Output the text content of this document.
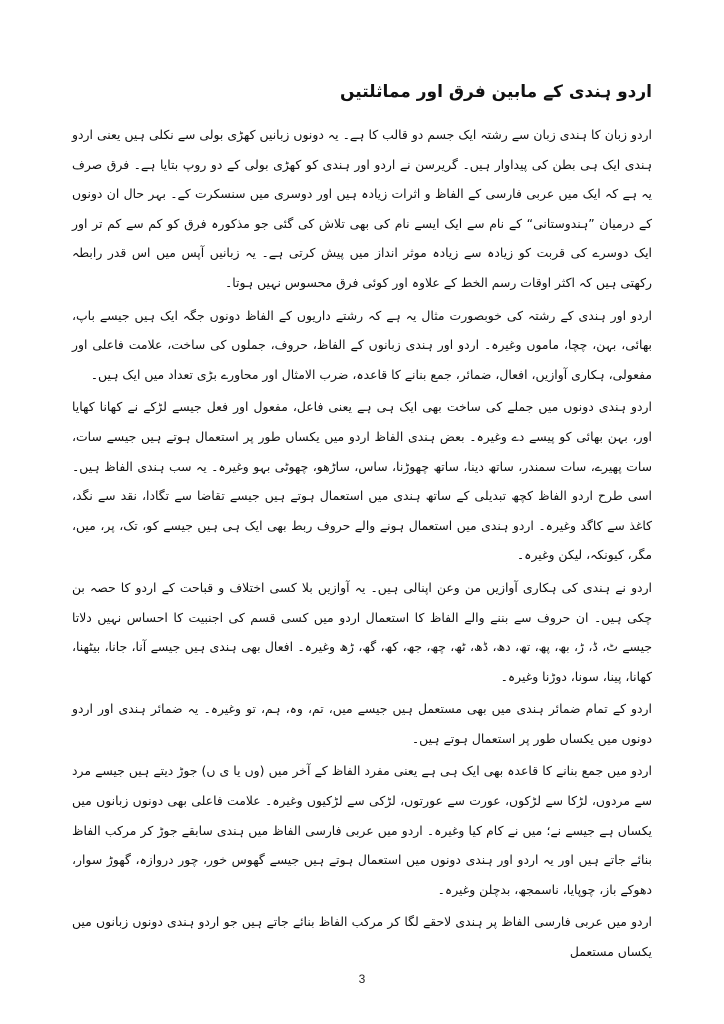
اردو ہندی کے مابین فرق اور مماثلتیں

اردو زبان کا ہندی زبان سے رشتہ ایک جسم دو قالب کا ہے۔ یہ دونوں زبانیں کھڑی بولی سے نکلی ہیں یعنی اردو ہندی ایک ہی بطن کی پیداوار ہیں۔ گریرسن نے اردو اور ہندی کو کھڑی بولی کے دو روپ بتایا ہے۔ فرق صرف یہ ہے کہ ایک میں عربی فارسی کے الفاظ و اثرات زیادہ ہیں اور دوسری میں سنسکرت کے۔ بہر حال ان دونوں کے درمیان ”ہندوستانی“ کے نام سے ایک ایسے نام کی بھی تلاش کی گئی جو مذکورہ فرق کو کم سے کم تر اور ایک دوسرے کی قربت کو زیادہ سے زیادہ موثر انداز میں پیش کرتی ہے۔ یہ زبانیں آپس میں اس قدر رابطہ رکھتی ہیں کہ اکثر اوقات رسم الخط کے علاوہ اور کوئی فرق محسوس نہیں ہوتا۔

اردو اور ہندی کے رشتہ کی خوبصورت مثال یہ ہے کہ رشتے داریوں کے الفاظ دونوں جگہ ایک ہیں جیسے باپ، بھائی، بہن، چچا، ماموں وغیرہ۔ اردو اور ہندی زبانوں کے الفاظ، حروف، جملوں کی ساخت، علامت فاعلی اور مفعولی، ہکاری آوازیں، افعال، ضمائر، جمع بنانے کا قاعدہ، ضرب الامثال اور محاورے بڑی تعداد میں ایک ہیں۔

اردو ہندی دونوں میں جملے کی ساخت بھی ایک ہی ہے یعنی فاعل، مفعول اور فعل جیسے لڑکے نے کھانا کھایا اور، بہن بھائی کو پیسے دے وغیرہ۔ بعض ہندی الفاظ اردو میں یکساں طور پر استعمال ہوتے ہیں جیسے سات، سات پھیرے، سات سمندر، ساتھ دینا، ساتھ چھوڑنا، ساس، ساڑھو، چھوٹی بہو وغیرہ۔ یہ سب ہندی الفاظ ہیں۔ اسی طرح اردو الفاظ کچھ تبدیلی کے ساتھ ہندی میں استعمال ہوتے ہیں جیسے تقاضا سے تگادا، نقد سے نگد، کاغذ سے کاگد وغیرہ۔ اردو ہندی میں استعمال ہونے والے حروف ربط بھی ایک ہی ہیں جیسے کو، تک، پر، میں، مگر، کیونکہ، لیکن وغیرہ۔

اردو نے ہندی کی ہکاری آوازیں من وعن اپنالی ہیں۔ یہ آوازیں بلا کسی اختلاف و قباحت کے اردو کا حصہ بن چکی ہیں۔ ان حروف سے بننے والے الفاظ کا استعمال اردو میں کسی قسم کی اجنبیت کا احساس نہیں دلاتا جیسے ٹ، ڈ، ڑ، بھ، پھ، تھ، دھ، ڈھ، ٹھ، چھ، جھ، کھ، گھ، ڑھ وغیرہ۔ افعال بھی ہندی ہیں جیسے آنا، جانا، بیٹھنا، کھانا، پینا، سونا، دوڑنا وغیرہ۔

اردو کے تمام ضمائر ہندی میں بھی مستعمل ہیں جیسے میں، تم، وہ، ہم، تو وغیرہ۔ یہ ضمائر ہندی اور اردو دونوں میں یکساں طور پر استعمال ہوتے ہیں۔

اردو میں جمع بنانے کا قاعدہ بھی ایک ہی ہے یعنی مفرد الفاظ کے آخر میں (وں یا ی ں) جوڑ دیتے ہیں جیسے مرد سے مردوں، لڑکا سے لڑکوں، عورت سے عورتوں، لڑکی سے لڑکیوں وغیرہ۔ علامت فاعلی بھی دونوں زبانوں میں یکساں ہے جیسے نے؛ میں نے کام کیا وغیرہ۔ اردو میں عربی فارسی الفاظ میں ہندی سابقے جوڑ کر مرکب الفاظ بنائے جاتے ہیں اور یہ اردو اور ہندی دونوں میں استعمال ہوتے ہیں جیسے گھوس خور، چور دروازہ، گھوڑ سوار، دھوکے باز، چوپایا، ناسمجھ، بدچلن وغیرہ۔

اردو میں عربی فارسی الفاظ پر ہندی لاحقے لگا کر مرکب الفاظ بنائے جاتے ہیں جو اردو ہندی دونوں زبانوں میں یکساں مستعمل

3
